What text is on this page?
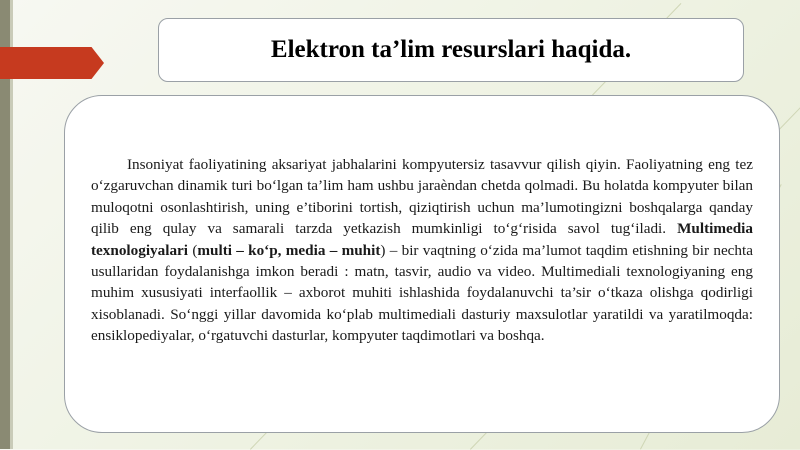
Elektron ta’lim resurslari haqida.

Insoniyat faoliyatining aksariyat jabhalarini kompyutersiz tasavvur qilish qiyin. Faoliyatning eng tez o‘zgaruvchan dinamik turi bo‘lgan ta’lim ham ushbu jaraèndan chetda qolmadi. Bu holatda kompyuter bilan muloqotni osonlashtirish, uning e’tiborini tortish, qiziqtirish uchun ma’lumotingizni boshqalarga qanday qilib eng qulay va samarali tarzda yetkazish mumkinligi to‘g‘risida savol tug‘iladi. Multimedia texnologiyalari (multi – ko‘p, media – muhit) – bir vaqtning o‘zida ma’lumot taqdim etishning bir nechta usullaridan foydalanishga imkon beradi : matn, tasvir, audio va video. Multimediali texnologiyaning eng muhim xususiyati interfaollik – axborot muhiti ishlashida foydalanuvchi ta’sir o‘tkaza olishga qodirligi xisoblanadi. So‘nggi yillar davomida ko‘plab multimediali dasturiy maxsulotlar yaratildi va yaratilmoqda: ensiklopediyalar, o‘rgatuvchi dasturlar, kompyuter taqdimotlari va boshqa.
